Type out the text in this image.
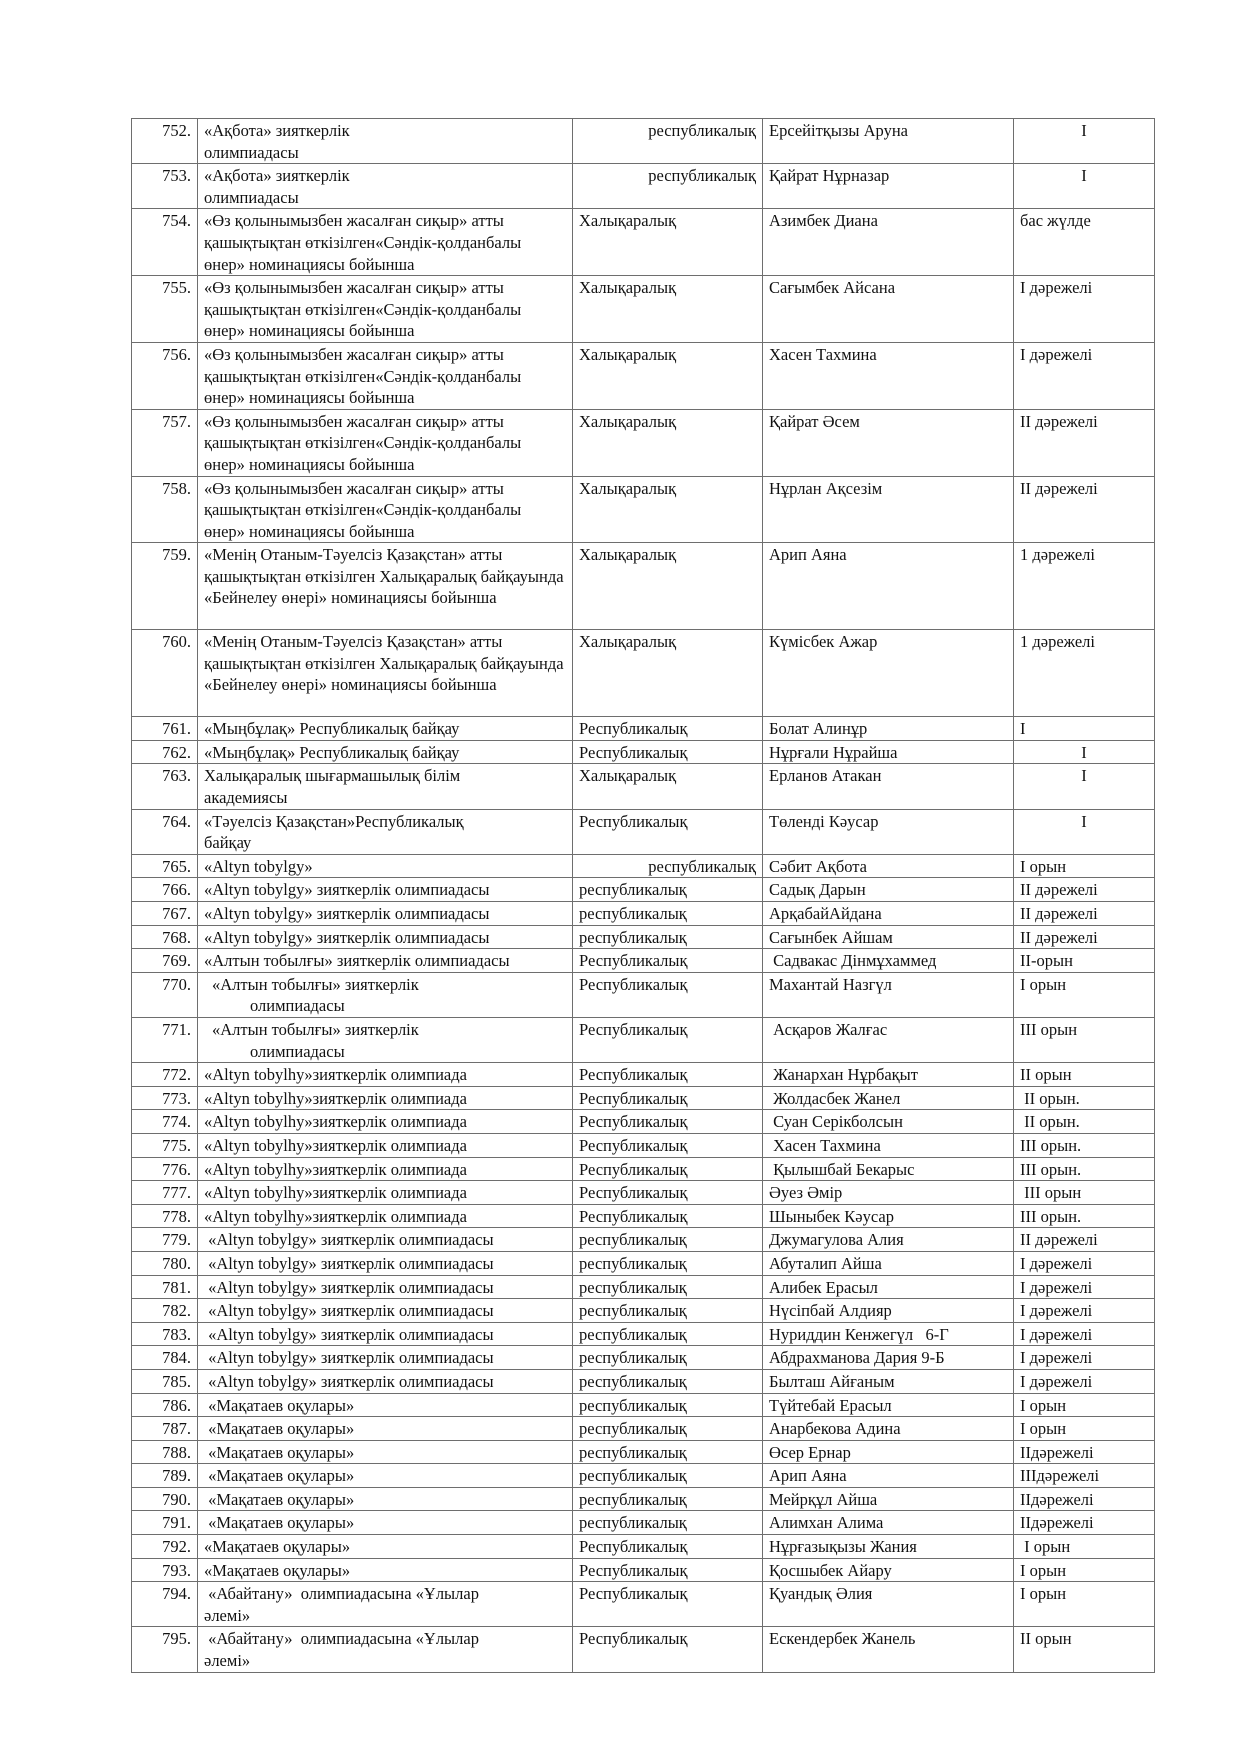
752.	«Ақбота» зияткерлік олимпиадасы	республикалық	Ерсейітқызы Аруна	I
753.	«Ақбота» зияткерлік олимпиадасы	республикалық	Қайрат Нұрназар	I
754.	«Өз қолынымызбен жасалған сиқыр» атты қашықтықтан өткізілген«Сәндік-қолданбалы өнер» номинациясы бойынша	Халықаралық	Азимбек Диана	бас жүлде
755.	«Өз қолынымызбен жасалған сиқыр» атты қашықтықтан өткізілген«Сәндік-қолданбалы өнер» номинациясы бойынша	Халықаралық	Сағымбек Айсана	I дәрежелі
756.	«Өз қолынымызбен жасалған сиқыр» атты қашықтықтан өткізілген«Сәндік-қолданбалы өнер» номинациясы бойынша	Халықаралық	Хасен Тахмина	I дәрежелі
757.	«Өз қолынымызбен жасалған сиқыр» атты қашықтықтан өткізілген«Сәндік-қолданбалы өнер» номинациясы бойынша	Халықаралық	Қайрат Әсем	II дәрежелі
758.	«Өз қолынымызбен жасалған сиқыр» атты қашықтықтан өткізілген«Сәндік-қолданбалы өнер» номинациясы бойынша	Халықаралық	Нұрлан Ақсезім	II дәрежелі
759.	«Менің Отаным-Тәуелсіз Қазақстан» атты қашықтықтан өткізілген Халықаралық байқауында «Бейнелеу өнері» номинациясы бойынша	Халықаралық	Арип Аяна	1 дәрежелі
760.	«Менің Отаным-Тәуелсіз Қазақстан» атты қашықтықтан өткізілген Халықаралық байқауында «Бейнелеу өнері» номинациясы бойынша	Халықаралық	Күмісбек Ажар	1 дәрежелі
761.	«Мыңбұлақ» Республикалық байқау	Республикалық	Болат Алинұр	I
762.	«Мыңбұлақ» Республикалық байқау	Республикалық	Нұрғали Нұрайша	I
763.	Халықаралық шығармашылық білім академиясы	Халықаралық	Ерланов Атакан	I
764.	«Тәуелсіз Қазақстан»Республикалық байқау	Республикалық	Төленді Кәусар	I
765.	«Altyn tobylgy»	республикалық	Сәбит Ақбота	I орын
766.	«Altyn tobylgy» зияткерлік олимпиадасы	республикалық	Садық Дарын	II дәрежелі
767.	«Altyn tobylgy» зияткерлік олимпиадасы	республикалық	АрқабайАйдана	II дәрежелі
768.	«Altyn tobylgy» зияткерлік олимпиадасы	республикалық	Сағынбек Айшам	II дәрежелі
769.	«Алтын тобылғы» зияткерлік олимпиадасы	Республикалық	Садвакас Дінмұхаммед	II-орын
770.	«Алтын тобылғы» зияткерлік
олимпиадасы	Республикалық	Махантай Назгүл	I орын
771.	«Алтын тобылғы» зияткерлік
олимпиадасы	Республикалық	Асқаров Жалғас	III орын
772.	«Altyn tobylhy»зияткерлік олимпиада	Республикалық	Жанархан Нұрбақыт	II орын
773.	«Altyn tobylhy»зияткерлік олимпиада	Республикалық	Жолдасбек Жанел	II орын.
774.	«Altyn tobylhy»зияткерлік олимпиада	Республикалық	Суан Серікболсын	II орын.
775.	«Altyn tobylhy»зияткерлік олимпиада	Республикалық	Хасен Тахмина	III орын.
776.	«Altyn tobylhy»зияткерлік олимпиада	Республикалық	Қылышбай Бекарыс	III орын.
777.	«Altyn tobylhy»зияткерлік олимпиада	Республикалық	Әуез Әмір	III орын
778.	«Altyn tobylhy»зияткерлік олимпиада	Республикалық	Шыныбек Кәусар	III орын.
779.	«Altyn tobylgy» зияткерлік олимпиадасы	республикалық	Джумагулова Алия	II дәрежелі
780.	«Altyn tobylgy» зияткерлік олимпиадасы	республикалық	Абуталип Айша	I дәрежелі
781.	«Altyn tobylgy» зияткерлік олимпиадасы	республикалық	Алибек Ерасыл	I дәрежелі
782.	«Altyn tobylgy» зияткерлік олимпиадасы	республикалық	Нүсіпбай Алдияр	I дәрежелі
783.	«Altyn tobylgy» зияткерлік олимпиадасы	республикалық	Нуриддин Кенжегүл   6-Г	I дәрежелі
784.	«Altyn tobylgy» зияткерлік олимпиадасы	республикалық	Абдрахманова Дария 9-Б	I дәрежелі
785.	«Altyn tobylgy» зияткерлік олимпиадасы	республикалық	Былташ Айғаным	I дәрежелі
786.	«Мақатаев оқулары»	республикалық	Түйтебай Ерасыл	I орын
787.	«Мақатаев оқулары»	республикалық	Анарбекова Адина	I орын
788.	«Мақатаев оқулары»	республикалық	Өсер Ернар	IIдәрежелі
789.	«Мақатаев оқулары»	республикалық	Арип Аяна	IIIдәрежелі
790.	«Мақатаев оқулары»	республикалық	Мейрқұл Айша	IIдәрежелі
791.	«Мақатаев оқулары»	республикалық	Алимхан Алима	IIдәрежелі
792.	«Мақатаев оқулары»	Республикалық	Нұрғазықызы Жания	I орын
793.	«Мақатаев оқулары»	Республикалық	Қосшыбек Айару	I орын
794.	«Абайтану»  олимпиадасына «Ұлылар әлемі»	Республикалық	Қуандық Әлия	I орын
795.	«Абайтану»  олимпиадасына «Ұлылар әлемі»	Республикалық	Ескендербек Жанель	II орын
